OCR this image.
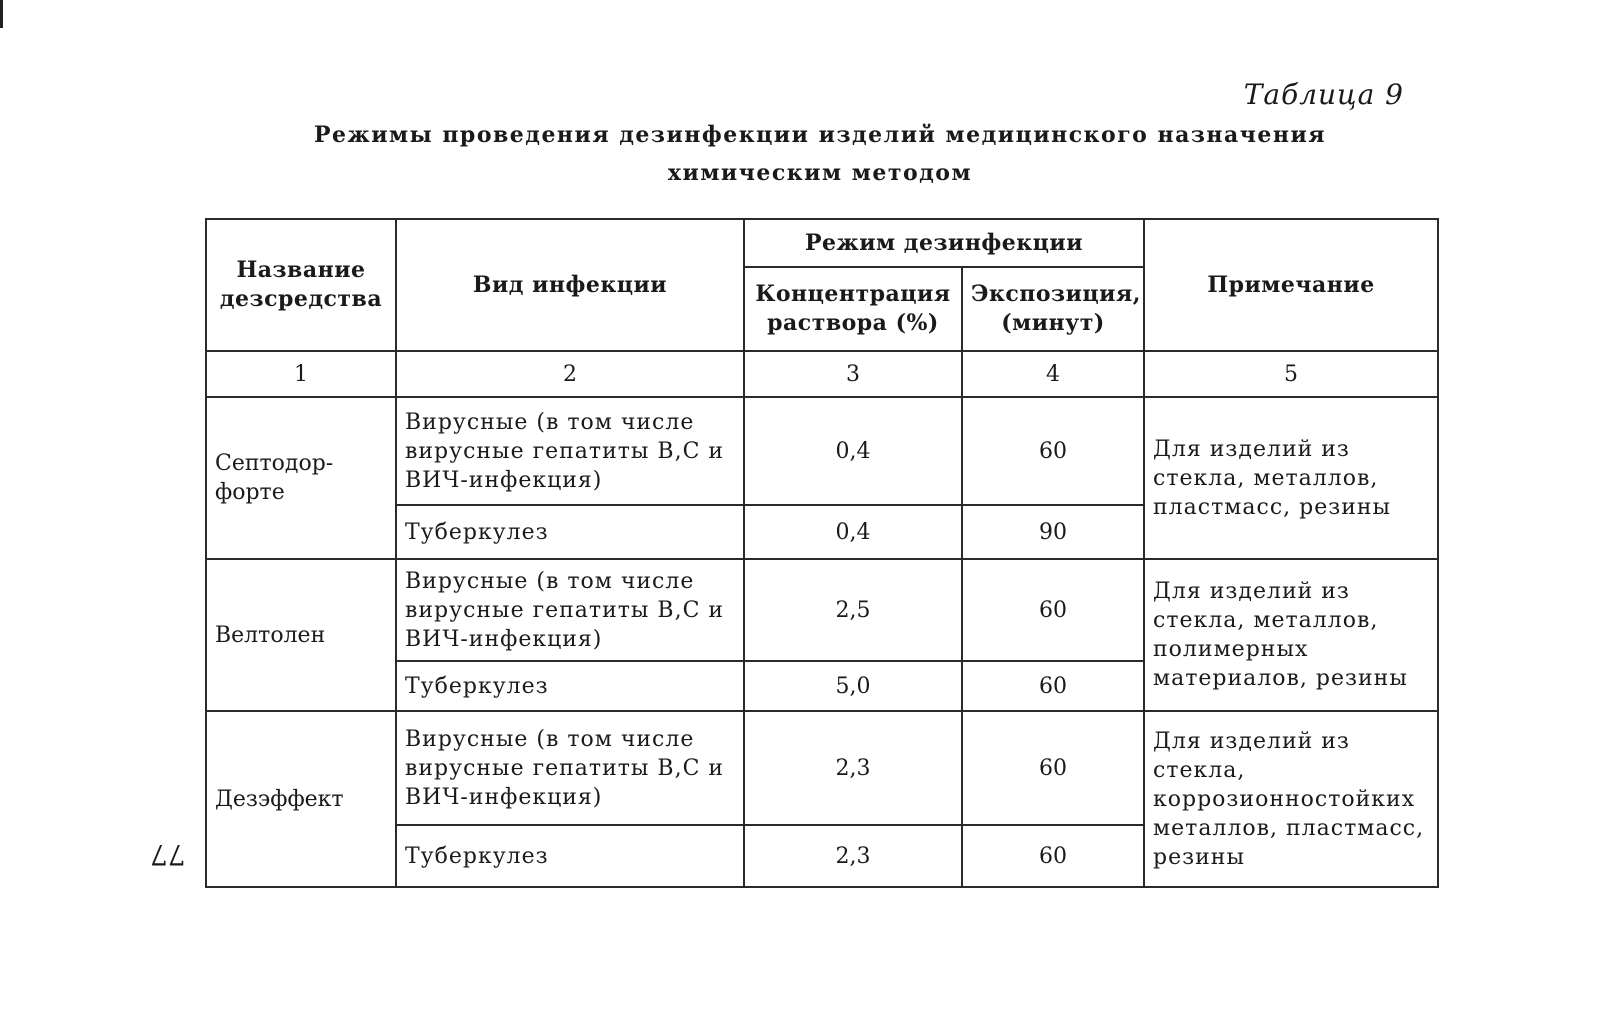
Таблица 9
Режимы проведения дезинфекции изделий медицинского назначения химическим методом
Название дезсредства	Вид инфекции	Режим дезинфекции		Примечание
		Концентрация раствора (%)	Экспозиция, (минут)	
1	2	3	4	5
Септодор-форте	Вирусные (в том числе вирусные гепатиты В,С и ВИЧ-инфекция)	0,4	60	Для изделий из стекла, металлов, пластмасс, резины
	Туберкулез	0,4	90	
Велтолен	Вирусные (в том числе вирусные гепатиты В,С и ВИЧ-инфекция)	2,5	60	Для изделий из стекла, металлов, полимерных материалов, резины
	Туберкулез	5,0	60	
Дезэффект	Вирусные (в том числе вирусные гепатиты В,С и ВИЧ-инфекция)	2,3	60	Для изделий из стекла, коррозионностойких металлов, пластмасс, резины
	Туберкулез	2,3	60	
77
